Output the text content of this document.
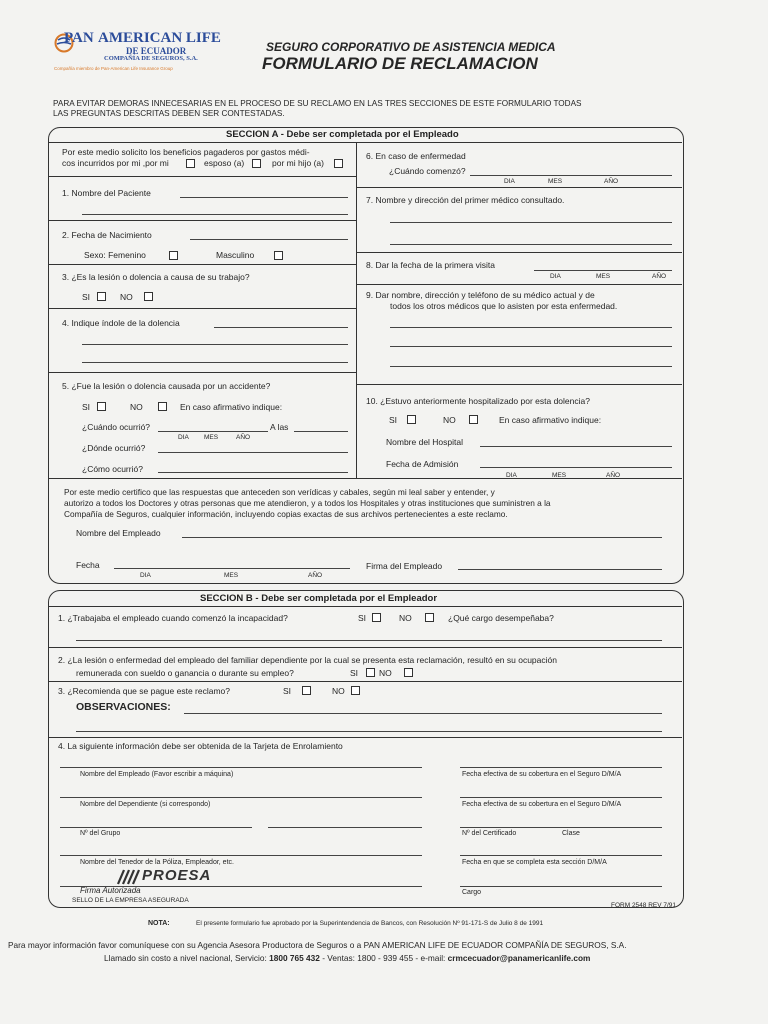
PAN AMERICAN LIFE
DE ECUADOR
COMPAÑÍA DE SEGUROS, S.A.
Compañía miembro de Pan-American Life Insurance Group
SEGURO CORPORATIVO DE ASISTENCIA MEDICA
FORMULARIO DE RECLAMACION
PARA EVITAR DEMORAS INNECESARIAS EN EL PROCESO DE SU RECLAMO EN LAS TRES SECCIONES DE ESTE FORMULARIO TODAS
LAS PREGUNTAS DESCRITAS DEBEN SER CONTESTADAS.
SECCION A - Debe ser completada por el Empleado
Por este medio solicito los beneficios pagaderos por gastos médi-
cos incurridos por mi ,por mi	esposo (a)	por mi hijo (a)
1. Nombre del Paciente
2. Fecha de Nacimiento
Sexo: Femenino	Masculino
3. ¿Es la lesión o dolencia a causa de su trabajo?
SI	NO
4. Indique índole de la dolencia
5. ¿Fue la lesión o dolencia causada por un accidente?
SI	NO	En caso afirmativo indique:
¿Cuándo ocurrió?	A las
DIA MES	AÑO
¿Dónde ocurrió?
¿Cómo ocurrió?
6. En caso de enfermedad
¿Cuándo comenzó?
DIA	MES	AÑO
7. Nombre y dirección del primer médico consultado.
8. Dar la fecha de la primera visita
DIA	MES	AÑO
9. Dar nombre, dirección y teléfono de su médico actual y de
todos los otros médicos que lo asisten por esta enfermedad.
10. ¿Estuvo anteriormente hospitalizado por esta dolencia?
SI	NO	En caso afirmativo indique:
Nombre del Hospital
Fecha de Admisión
DIA	MES	AÑO
Por este medio certifico que las respuestas que anteceden son verídicas y cabales, según mi leal saber y entender, y
autorizo a todos los Doctores y otras personas que me atendieron, y a todos los Hospitales y otras instituciones que suministren a la
Compañía de Seguros, cualquier información, incluyendo copias exactas de sus archivos pertenecientes a este reclamo.
Nombre del Empleado
Fecha
DIA	MES	AÑO
Firma del Empleado
SECCION B - Debe ser completada por el Empleador
1. ¿Trabajaba el empleado cuando comenzó la incapacidad?	SI	NO	¿Qué cargo desempeñaba?
2. ¿La lesión o enfermedad del empleado del familiar dependiente por la cual se presenta esta reclamación, resultó en su ocupación
remunerada con sueldo o ganancia o durante su empleo?	SI NO
3. ¿Recomienda que se pague este reclamo?	SI	NO
OBSERVACIONES:
4. La siguiente información debe ser obtenida de la Tarjeta de Enrolamiento
Nombre del Empleado (Favor escribir a máquina)	Fecha efectiva de su cobertura en el Seguro D/M/A
Nombre del Dependiente (si correspondo)	Fecha efectiva de su cobertura en el Seguro D/M/A
Nº del Grupo	Nº del Certificado	Clase
Nombre del Tenedor de la Póliza, Empleador, etc.	Fecha en que se completa esta sección D/M/A
PROESA
Firma Autorizada
SELLO DE LA EMPRESA ASEGURADA
Cargo
FORM 2548 REV 7/91
NOTA:	El presente formulario fue aprobado por la Superintendencia de Bancos, con Resolución Nº 91-171-S de Julio 8 de 1991
Para mayor información favor comuníquese con su Agencia Asesora Productora de Seguros o a PAN AMERICAN LIFE DE ECUADOR COMPAÑÍA DE SEGUROS, S.A.
Llamado sin costo a nivel nacional, Servicio: 1800 765 432 - Ventas: 1800 - 939 455 - e-mail: crmcecuador@panamericanlife.com
